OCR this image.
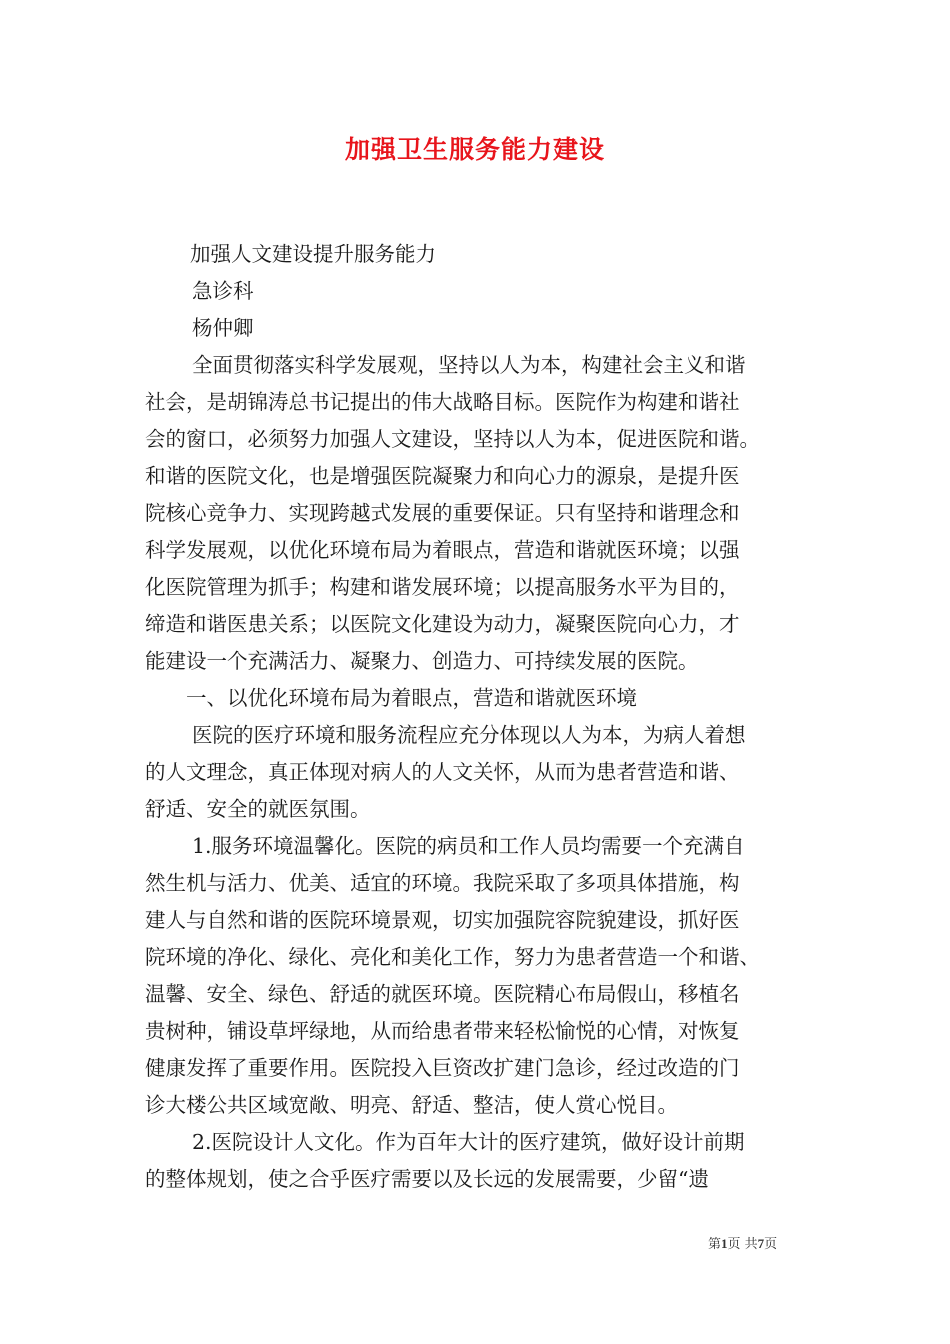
加强卫生服务能力建设
加强人文建设提升服务能力
急诊科
杨仲卿
全面贯彻落实科学发展观，坚持以人为本，构建社会主义和谐
社会，是胡锦涛总书记提出的伟大战略目标。医院作为构建和谐社
会的窗口，必须努力加强人文建设，坚持以人为本，促进医院和谐。
和谐的医院文化，也是增强医院凝聚力和向心力的源泉，是提升医
院核心竞争力、实现跨越式发展的重要保证。只有坚持和谐理念和
科学发展观，以优化环境布局为着眼点，营造和谐就医环境；以强
化医院管理为抓手；构建和谐发展环境；以提高服务水平为目的，
缔造和谐医患关系；以医院文化建设为动力，凝聚医院向心力，才
能建设一个充满活力、凝聚力、创造力、可持续发展的医院。
一、以优化环境布局为着眼点，营造和谐就医环境
医院的医疗环境和服务流程应充分体现以人为本，为病人着想
的人文理念，真正体现对病人的人文关怀，从而为患者营造和谐、
舒适、安全的就医氛围。
1.服务环境温馨化。医院的病员和工作人员均需要一个充满自
然生机与活力、优美、适宜的环境。我院采取了多项具体措施，构
建人与自然和谐的医院环境景观，切实加强院容院貌建设，抓好医
院环境的净化、绿化、亮化和美化工作，努力为患者营造一个和谐、
温馨、安全、绿色、舒适的就医环境。医院精心布局假山，移植名
贵树种，铺设草坪绿地，从而给患者带来轻松愉悦的心情，对恢复
健康发挥了重要作用。医院投入巨资改扩建门急诊，经过改造的门
诊大楼公共区域宽敞、明亮、舒适、整洁，使人赏心悦目。
2.医院设计人文化。作为百年大计的医疗建筑，做好设计前期
的整体规划，使之合乎医疗需要以及长远的发展需要，少留“遗
第1页 共7页
